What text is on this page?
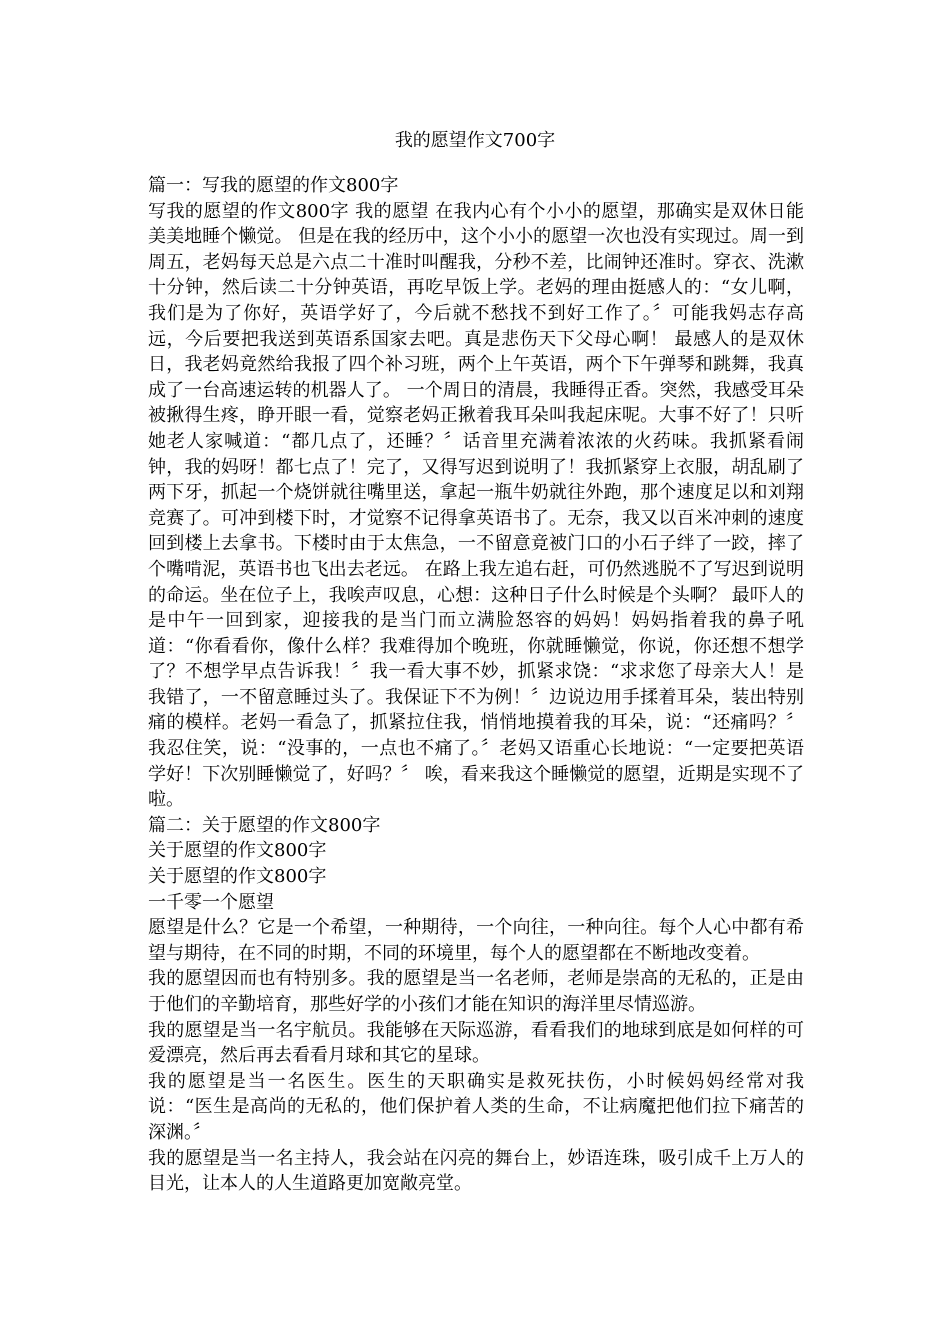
我的愿望作文700字

篇一：写我的愿望的作文800字

写我的愿望的作文800字 我的愿望 在我内心有个小小的愿望，那确实是双休日能美美地睡个懒觉。 但是在我的经历中，这个小小的愿望一次也没有实现过。周一到周五，老妈每天总是六点二十准时叫醒我，分秒不差，比闹钟还准时。穿衣、洗漱十分钟，然后读二十分钟英语，再吃早饭上学。老妈的理由挺感人的：“女儿啊，我们是为了你好，英语学好了，今后就不愁找不到好工作了。〞可能我妈志存高远，今后要把我送到英语系国家去吧。真是悲伤天下父母心啊！ 最感人的是双休日，我老妈竟然给我报了四个补习班，两个上午英语，两个下午弹琴和跳舞，我真成了一台高速运转的机器人了。 一个周日的清晨，我睡得正香。突然，我感受耳朵被揪得生疼，睁开眼一看，觉察老妈正揪着我耳朵叫我起床呢。大事不好了！只听她老人家喊道：“都几点了，还睡？〞话音里充满着浓浓的火药味。我抓紧看闹钟，我的妈呀！都七点了！完了，又得写迟到说明了！我抓紧穿上衣服，胡乱刷了两下牙，抓起一个烧饼就往嘴里送，拿起一瓶牛奶就往外跑，那个速度足以和刘翔竞赛了。可冲到楼下时，才觉察不记得拿英语书了。无奈，我又以百米冲刺的速度回到楼上去拿书。下楼时由于太焦急，一不留意竟被门口的小石子绊了一跤，摔了个嘴啃泥，英语书也飞出去老远。 在路上我左追右赶，可仍然逃脱不了写迟到说明的命运。坐在位子上，我唉声叹息，心想：这种日子什么时候是个头啊？ 最吓人的是中午一回到家，迎接我的是当门而立满脸怒容的妈妈！妈妈指着我的鼻子吼道：“你看看你，像什么样？我难得加个晚班，你就睡懒觉，你说，你还想不想学了？不想学早点告诉我！〞我一看大事不妙，抓紧求饶：“求求您了母亲大人！是我错了，一不留意睡过头了。我保证下不为例！〞边说边用手揉着耳朵，装出特别痛的模样。老妈一看急了，抓紧拉住我，悄悄地摸着我的耳朵，说：“还痛吗？〞我忍住笑，说：“没事的，一点也不痛了。〞老妈又语重心长地说：“一定要把英语学好！下次别睡懒觉了，好吗？〞 唉，看来我这个睡懒觉的愿望，近期是实现不了啦。

篇二：关于愿望的作文800字

关于愿望的作文800字

关于愿望的作文800字

一千零一个愿望

愿望是什么？它是一个希望，一种期待，一个向往，一种向往。每个人心中都有希望与期待，在不同的时期，不同的环境里，每个人的愿望都在不断地改变着。

我的愿望因而也有特别多。我的愿望是当一名老师，老师是崇高的无私的，正是由于他们的辛勤培育，那些好学的小孩们才能在知识的海洋里尽情巡游。

我的愿望是当一名宇航员。我能够在天际巡游，看看我们的地球到底是如何样的可爱漂亮，然后再去看看月球和其它的星球。

我的愿望是当一名医生。医生的天职确实是救死扶伤，小时候妈妈经常对我说：“医生是高尚的无私的，他们保护着人类的生命，不让病魔把他们拉下痛苦的深渊。〞

我的愿望是当一名主持人，我会站在闪亮的舞台上，妙语连珠，吸引成千上万人的目光，让本人的人生道路更加宽敞亮堂。
